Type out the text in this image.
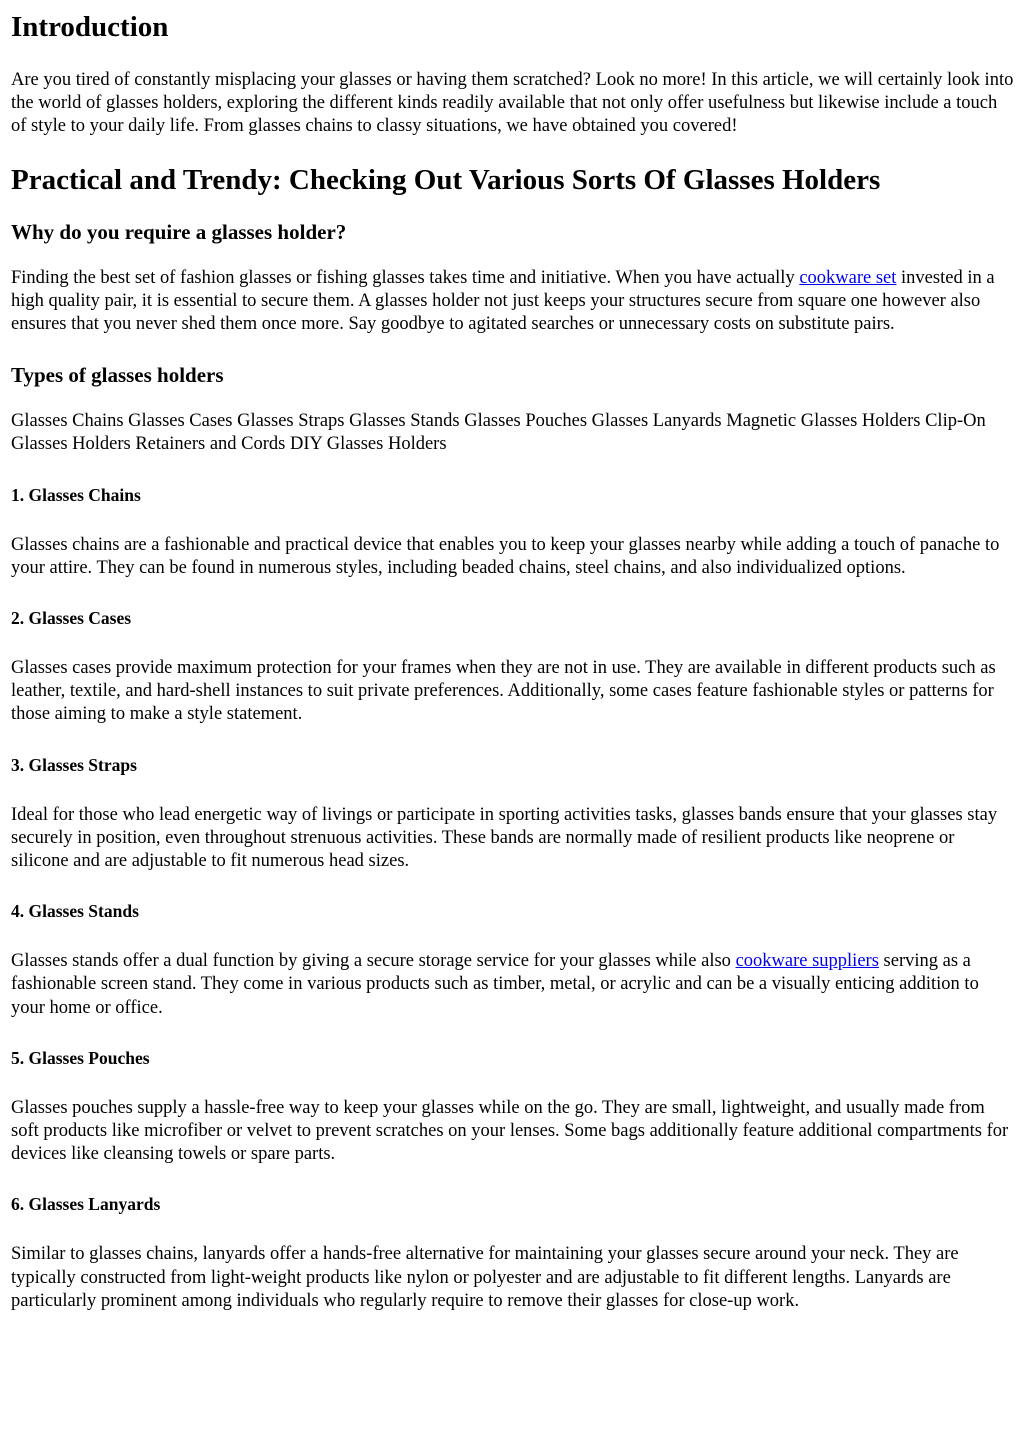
Introduction

Are you tired of constantly misplacing your glasses or having them scratched? Look no more! In this article, we will certainly look into the world of glasses holders, exploring the different kinds readily available that not only offer usefulness but likewise include a touch of style to your daily life. From glasses chains to classy situations, we have obtained you covered!

Practical and Trendy: Checking Out Various Sorts Of Glasses Holders
Why do you require a glasses holder?

Finding the best set of fashion glasses or fishing glasses takes time and initiative. When you have actually cookware set invested in a high quality pair, it is essential to secure them. A glasses holder not just keeps your structures secure from square one however also ensures that you never shed them once more. Say goodbye to agitated searches or unnecessary costs on substitute pairs.

Types of glasses holders

Glasses Chains Glasses Cases Glasses Straps Glasses Stands Glasses Pouches Glasses Lanyards Magnetic Glasses Holders Clip-On Glasses Holders Retainers and Cords DIY Glasses Holders

1. Glasses Chains

Glasses chains are a fashionable and practical device that enables you to keep your glasses nearby while adding a touch of panache to your attire. They can be found in numerous styles, including beaded chains, steel chains, and also individualized options.

2. Glasses Cases

Glasses cases provide maximum protection for your frames when they are not in use. They are available in different products such as leather, textile, and hard-shell instances to suit private preferences. Additionally, some cases feature fashionable styles or patterns for those aiming to make a style statement.

3. Glasses Straps

Ideal for those who lead energetic way of livings or participate in sporting activities tasks, glasses bands ensure that your glasses stay securely in position, even throughout strenuous activities. These bands are normally made of resilient products like neoprene or silicone and are adjustable to fit numerous head sizes.

4. Glasses Stands

Glasses stands offer a dual function by giving a secure storage service for your glasses while also cookware suppliers serving as a fashionable screen stand. They come in various products such as timber, metal, or acrylic and can be a visually enticing addition to your home or office.

5. Glasses Pouches

Glasses pouches supply a hassle-free way to keep your glasses while on the go. They are small, lightweight, and usually made from soft products like microfiber or velvet to prevent scratches on your lenses. Some bags additionally feature additional compartments for devices like cleansing towels or spare parts.

6. Glasses Lanyards

Similar to glasses chains, lanyards offer a hands-free alternative for maintaining your glasses secure around your neck. They are typically constructed from light-weight products like nylon or polyester and are adjustable to fit different lengths. Lanyards are particularly prominent among individuals who regularly require to remove their glasses for close-up work.
